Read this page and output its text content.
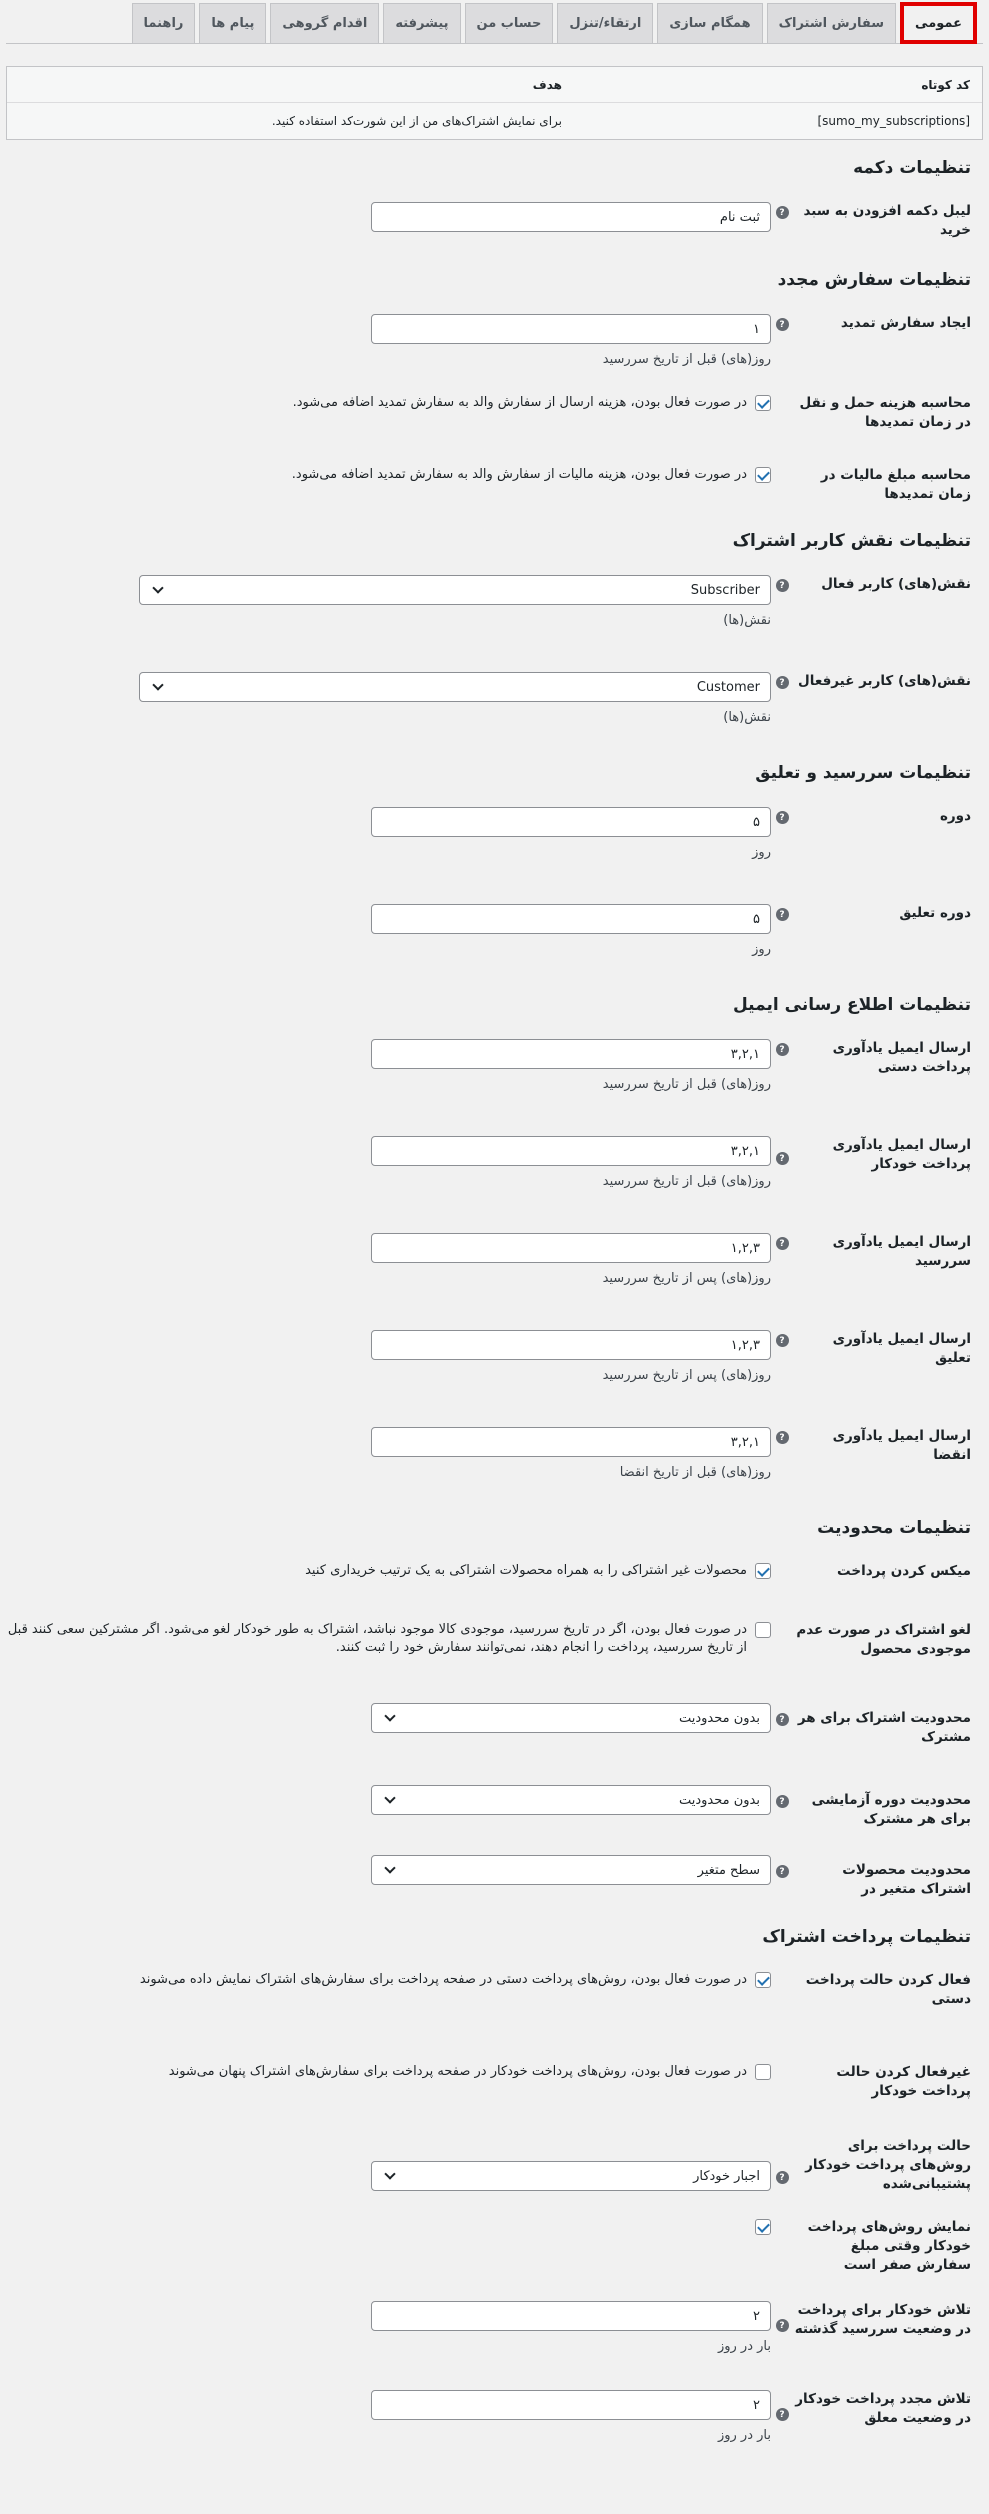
عمومی
سفارش اشتراک
همگام سازی
ارتقاء/تنزل
حساب من
پیشرفته
اقدام گروهی
پیام ها
راهنما
کد کوتاه
هدف
[sumo_my_subscriptions]
برای نمایش اشتراک‌های من از این شورت‌کد استفاده کنید.
تنظیمات دکمه
لیبل دکمه افزودن به سبد خرید
?
ثبت نام
تنظیمات سفارش مجدد
ایجاد سفارش تمدید
?
۱
روز(های) قبل از تاریخ سررسید
محاسبه هزینه حمل و نقل در زمان تمدیدها
در صورت فعال بودن، هزینه ارسال از سفارش والد به سفارش تمدید اضافه می‌شود.
محاسبه مبلغ مالیات در زمان تمدیدها
در صورت فعال بودن، هزینه مالیات از سفارش والد به سفارش تمدید اضافه می‌شود.
تنظیمات نقش کاربر اشتراک
نقش(های) کاربر فعال
?
Subscriber
نقش(ها)
نقش(های) کاربر غیرفعال
?
Customer
نقش(ها)
تنظیمات سررسید و تعلیق
دوره
?
۵
روز
دوره تعلیق
?
۵
روز
تنظیمات اطلاع رسانی ایمیل
ارسال ایمیل یادآوری پرداخت دستی
?
۳,۲,۱
روز(های) قبل از تاریخ سررسید
ارسال ایمیل یادآوری پرداخت خودکار
?
۳,۲,۱
روز(های) قبل از تاریخ سررسید
ارسال ایمیل یادآوری سررسید
?
۱,۲,۳
روز(های) پس از تاریخ سررسید
ارسال ایمیل یادآوری تعلیق
?
۱,۲,۳
روز(های) پس از تاریخ سررسید
ارسال ایمیل یادآوری انقضا
?
۳,۲,۱
روز(های) قبل از تاریخ انقضا
تنظیمات محدودیت
میکس کردن پرداخت
محصولات غیر اشتراکی را به همراه محصولات اشتراکی به یک ترتیب خریداری کنید
لغو اشتراک در صورت عدم موجودی محصول
در صورت فعال بودن، اگر در تاریخ سررسید، موجودی کالا موجود نباشد، اشتراک به طور خودکار لغو می‌شود. اگر مشترکین سعی کنند قبل از تاریخ سررسید، پرداخت را انجام دهند، نمی‌توانند سفارش خود را ثبت کنند.
محدودیت اشتراک برای هر مشترک
?
بدون محدودیت
محدودیت دوره آزمایشی برای هر مشترک
?
بدون محدودیت
محدودیت محصولات اشتراک متغیر در
?
سطح متغیر
تنظیمات پرداخت اشتراک
فعال کردن حالت پرداخت دستی
در صورت فعال بودن، روش‌های پرداخت دستی در صفحه پرداخت برای سفارش‌های اشتراک نمایش داده می‌شوند
غیرفعال کردن حالت پرداخت خودکار
در صورت فعال بودن، روش‌های پرداخت خودکار در صفحه پرداخت برای سفارش‌های اشتراک پنهان می‌شوند
حالت پرداخت برای روش‌های پرداخت خودکار پشتیبانی‌شده
?
اجبار خودکار
نمایش روش‌های پرداخت خودکار وقتی مبلغ سفارش صفر است
تلاش خودکار برای پرداخت در وضعیت سررسید گذشته
?
۲
بار در روز
تلاش مجدد پرداخت خودکار در وضعیت معلق
?
۲
بار در روز
